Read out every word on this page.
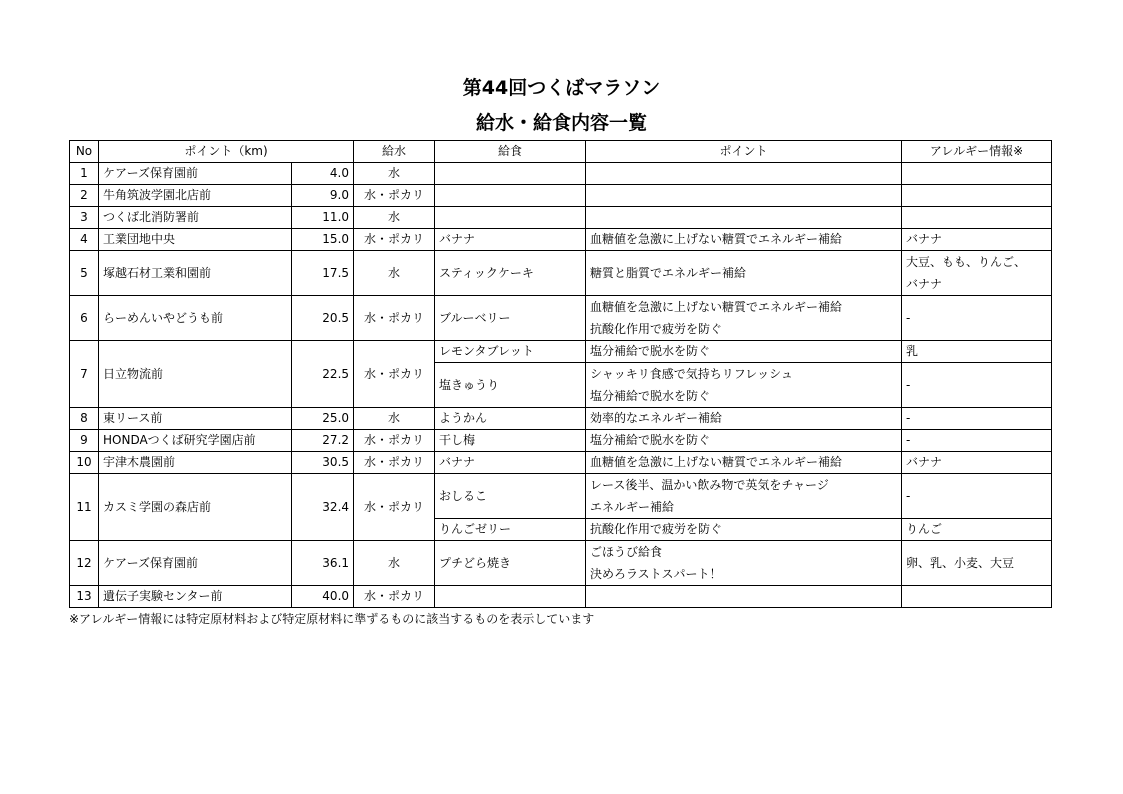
第44回つくばマラソン
給水・給食内容一覧
No	ポイント（km)		給水	給食	ポイント	アレルギー情報※
1	ケアーズ保育園前	4.0	水			
2	牛角筑波学園北店前	9.0	水・ポカリ			
3	つくば北消防署前	11.0	水			
4	工業団地中央	15.0	水・ポカリ	バナナ	血糖値を急激に上げない糖質でエネルギー補給	バナナ
5	塚越石材工業和園前	17.5	水	スティックケーキ	糖質と脂質でエネルギー補給	大豆、もも、りんご、
バナナ

6	らーめんいやどうも前	20.5	水・ポカリ	ブルーベリー	血糖値を急激に上げない糖質でエネルギー補給
抗酸化作用で疲労を防ぐ	-
7	日立物流前	22.5	水・ポカリ	レモンタブレット	塩分補給で脱水を防ぐ	乳
				塩きゅうり	シャッキリ食感で気持ちリフレッシュ
塩分補給で脱水を防ぐ	-
8	東リース前	25.0	水	ようかん	効率的なエネルギー補給	-
9	HONDAつくば研究学園店前	27.2	水・ポカリ	干し梅	塩分補給で脱水を防ぐ	-
10	宇津木農園前	30.5	水・ポカリ	バナナ	血糖値を急激に上げない糖質でエネルギー補給	バナナ
11	カスミ学園の森店前	32.4	水・ポカリ	おしるこ	レース後半、温かい飲み物で英気をチャージ
エネルギー補給	-
				りんごゼリー	抗酸化作用で疲労を防ぐ	りんご
12	ケアーズ保育園前	36.1	水	プチどら焼き	ごほうび給食
決めろラストスパート！	卵、乳、小麦、大豆
13	遺伝子実験センター前	40.0	水・ポカリ			
※アレルギー情報には特定原材料および特定原材料に準ずるものに該当するものを表示しています
